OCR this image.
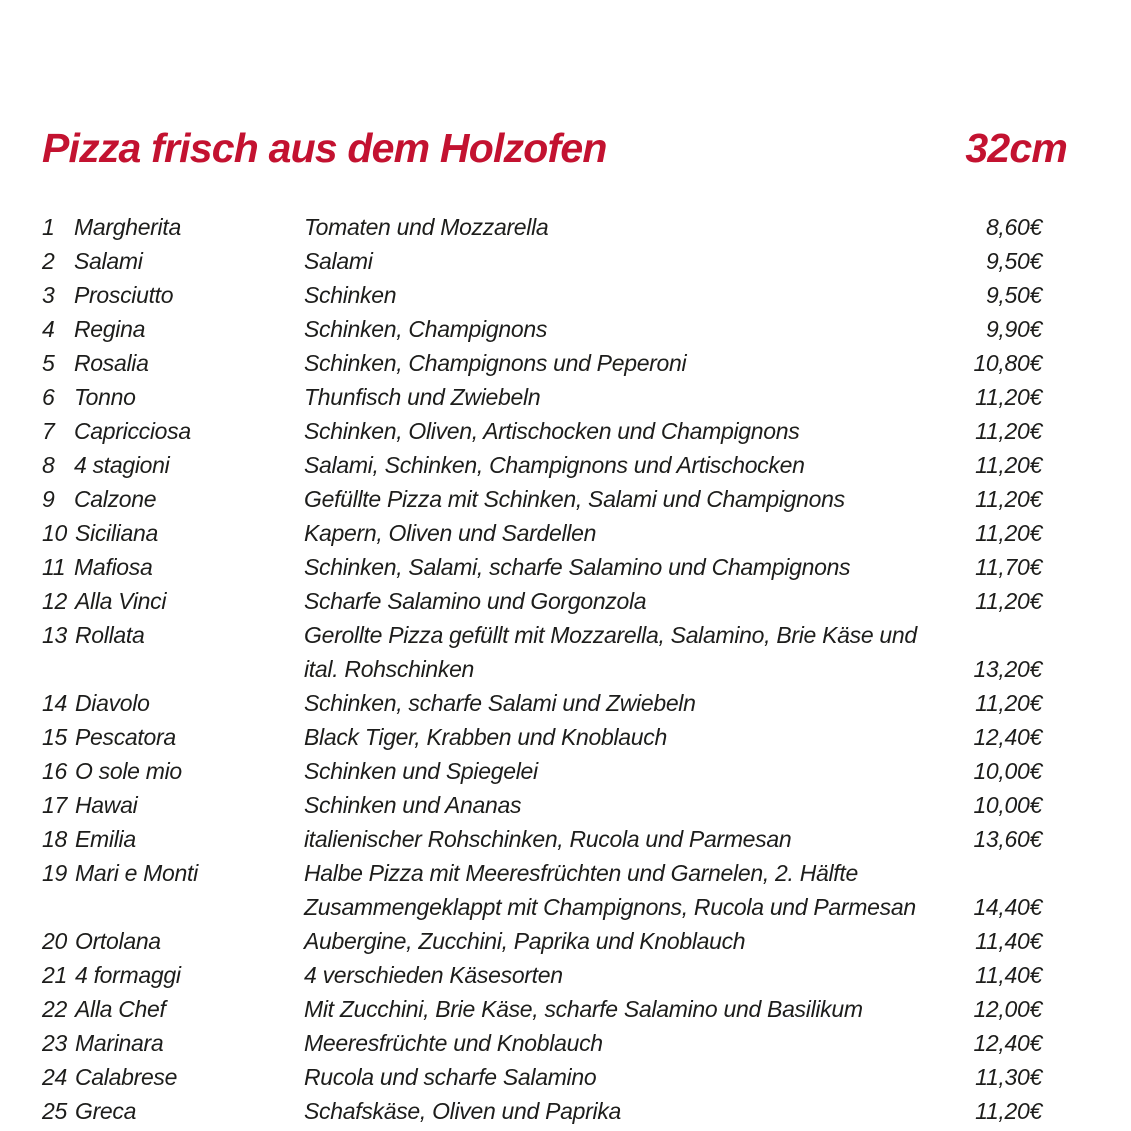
Pizza frisch aus dem Holzofen	32cm
1 Margherita	Tomaten und Mozzarella	8,60€
2 Salami	Salami	9,50€
3 Prosciutto	Schinken	9,50€
4 Regina	Schinken, Champignons	9,90€
5 Rosalia	Schinken, Champignons und Peperoni	10,80€
6 Tonno	Thunfisch und Zwiebeln	11,20€
7 Capricciosa	Schinken, Oliven, Artischocken und Champignons	11,20€
8 4 stagioni	Salami, Schinken, Champignons und Artischocken	11,20€
9 Calzone	Gefüllte Pizza mit Schinken, Salami und Champignons	11,20€
10 Siciliana	Kapern, Oliven und Sardellen	11,20€
11 Mafiosa	Schinken, Salami, scharfe Salamino und Champignons	11,70€
12 Alla Vinci	Scharfe Salamino und Gorgonzola	11,20€
13 Rollata	Gerollte Pizza gefüllt mit Mozzarella, Salamino, Brie Käse und
ital. Rohschinken	13,20€
14 Diavolo	Schinken, scharfe Salami und Zwiebeln	11,20€
15 Pescatora	Black Tiger, Krabben und Knoblauch	12,40€
16 O sole mio	Schinken und Spiegelei	10,00€
17 Hawai	Schinken und Ananas	10,00€
18 Emilia	italienischer Rohschinken, Rucola und Parmesan	13,60€
19 Mari e Monti	Halbe Pizza mit Meeresfrüchten und Garnelen, 2. Hälfte
Zusammengeklappt mit Champignons, Rucola und Parmesan	14,40€
20 Ortolana	Aubergine, Zucchini, Paprika und Knoblauch	11,40€
21 4 formaggi	4 verschieden Käsesorten	11,40€
22 Alla Chef	Mit Zucchini, Brie Käse, scharfe Salamino und Basilikum	12,00€
23 Marinara	Meeresfrüchte und Knoblauch	12,40€
24 Calabrese	Rucola und scharfe Salamino	11,30€
25 Greca	Schafskäse, Oliven und Paprika	11,20€
